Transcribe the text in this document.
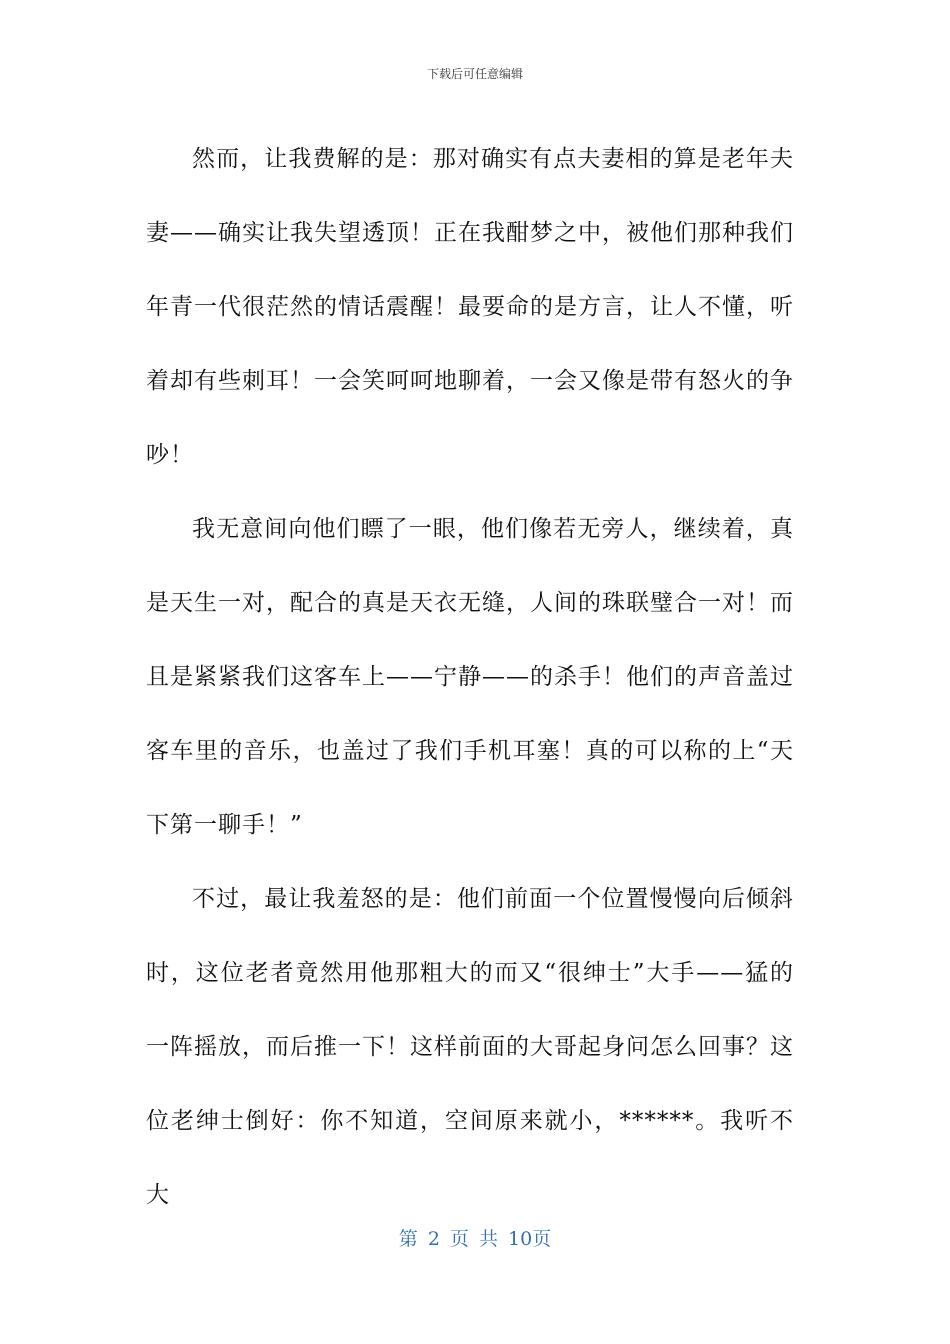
下载后可任意编辑

然而，让我费解的是：那对确实有点夫妻相的算是老年夫妻——确实让我失望透顶！正在我酣梦之中，被他们那种我们年青一代很茫然的情话震醒！最要命的是方言，让人不懂，听着却有些刺耳！一会笑呵呵地聊着，一会又像是带有怒火的争吵！

我无意间向他们瞟了一眼，他们像若无旁人，继续着，真是天生一对，配合的真是天衣无缝，人间的珠联璧合一对！而且是紧紧我们这客车上——宁静——的杀手！他们的声音盖过客车里的音乐，也盖过了我们手机耳塞！真的可以称的上“天下第一聊手！”

不过，最让我羞怒的是：他们前面一个位置慢慢向后倾斜时，这位老者竟然用他那粗大的而又“很绅士”大手——猛的一阵摇放，而后推一下！这样前面的大哥起身问怎么回事？这位老绅士倒好：你不知道，空间原来就小，******。我听不大

第 2 页 共 10页
